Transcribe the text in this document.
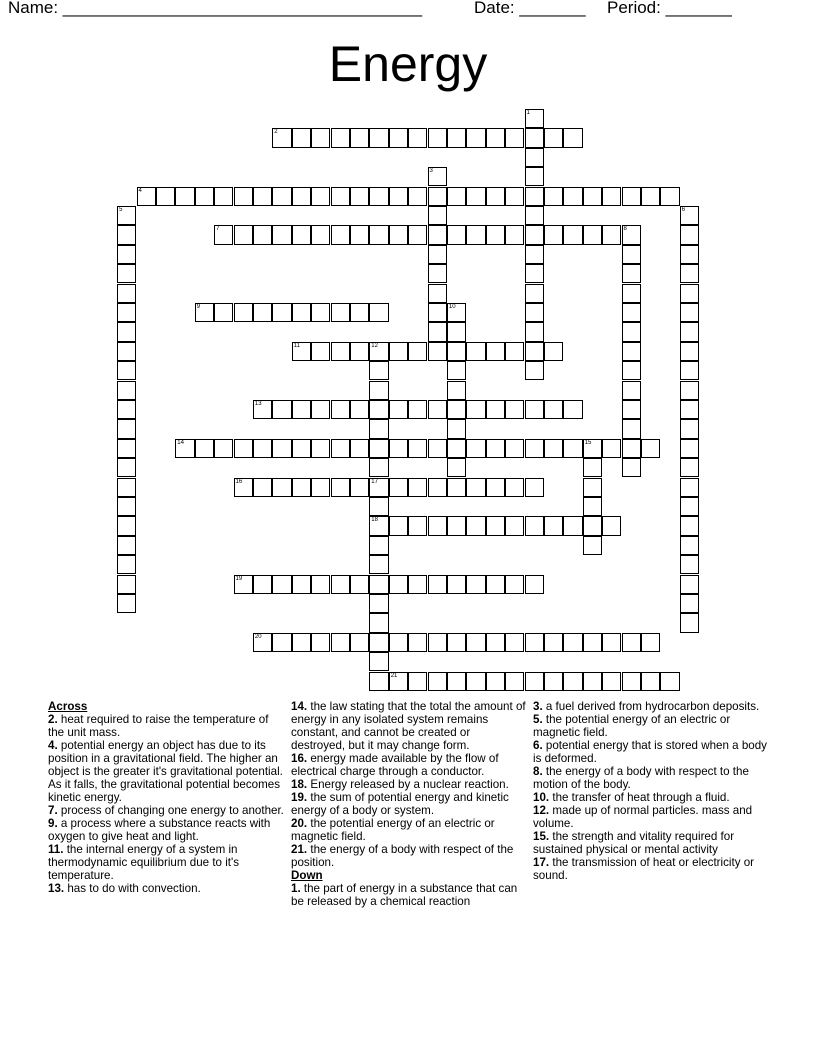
Name: ______________________________________	Date: _______ Period: _______
Energy
1
2
3
4
5	6
7	8
9	10
11	12
17
13
14	15
16
18
19
20
21
Across
2. heat required to raise the temperature of the unit mass.
4. potential energy an object has due to its position in a gravitational field. The higher an object is the greater it's gravitational potential. As it falls, the gravitational potential becomes kinetic energy.
7. process of changing one energy to another.
9. a process where a substance reacts with oxygen to give heat and light.
11. the internal energy of a system in thermodynamic equilibrium due to it's temperature.
13. has to do with convection.
14. the law stating that the total the amount of energy in any isolated system remains constant, and cannot be created or destroyed, but it may change form.
16. energy made available by the flow of electrical charge through a conductor.
18. Energy released by a nuclear reaction.
19. the sum of potential energy and kinetic energy of a body or system.
20. the potential energy of an electric or magnetic field.
21. the energy of a body with respect of the position.
Down
1. the part of energy in a substance that can be released by a chemical reaction
3. a fuel derived from hydrocarbon deposits.
5. the potential energy of an electric or magnetic field.
6. potential energy that is stored when a body is deformed.
8. the energy of a body with respect to the motion of the body.
10. the transfer of heat through a fluid.
12. made up of normal particles. mass and volume.
15. the strength and vitality required for sustained physical or mental activity
17. the transmission of heat or electricity or sound.
